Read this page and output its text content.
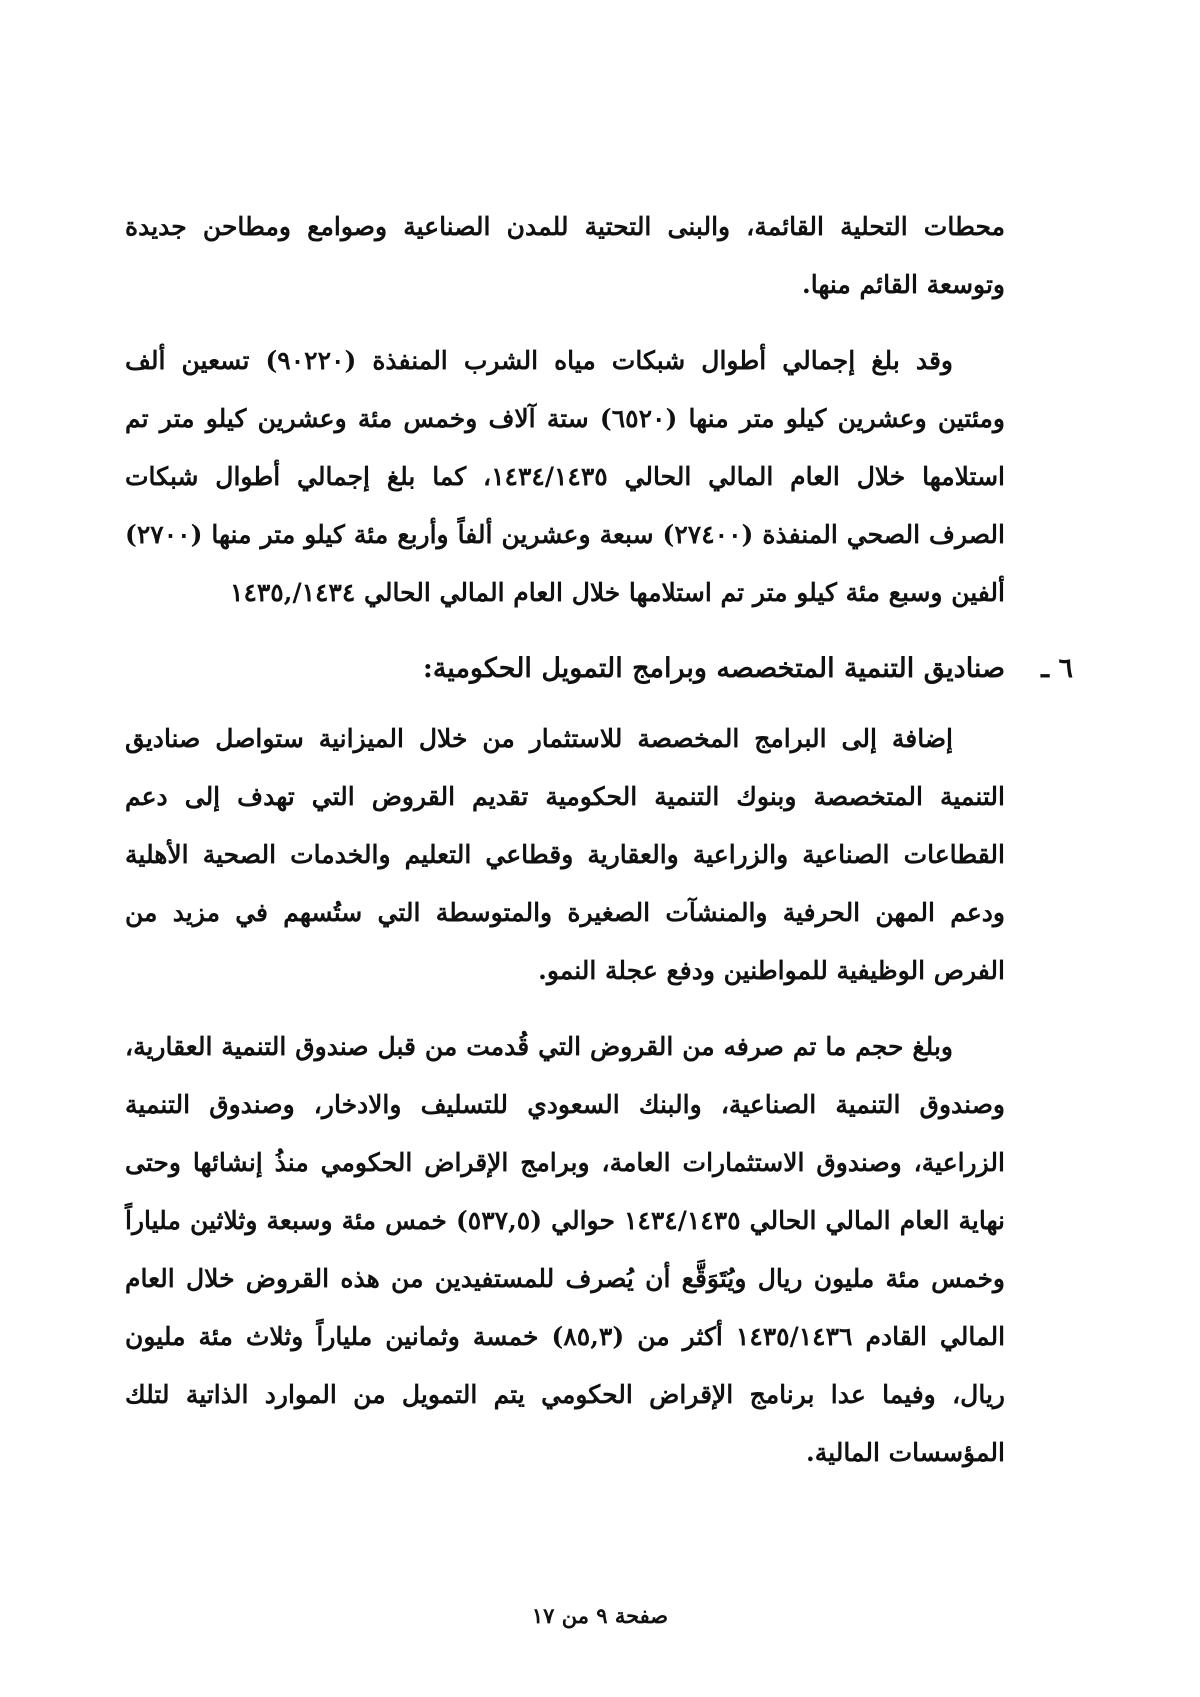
محطات التحلية القائمة، والبنى التحتية للمدن الصناعية وصوامع ومطاحن جديدة وتوسعة القائم منها.

وقد بلغ إجمالي أطوال شبكات مياه الشرب المنفذة (٩٠٢٢٠) تسعين ألف ومئتين وعشرين كيلو متر منها (٦٥٢٠) ستة آلاف وخمس مئة وعشرين كيلو متر تم استلامها خلال العام المالي الحالي ١٤٣٤/١٤٣٥، كما بلغ إجمالي أطوال شبكات الصرف الصحي المنفذة (٢٧٤٠٠) سبعة وعشرين ألفاً وأربع مئة كيلو متر منها (٢٧٠٠) ألفين وسبع مئة كيلو متر تم استلامها خلال العام المالي الحالي ١٤٣٤/,١٤٣٥

٦ ـ
صناديق التنمية المتخصصه وبرامج التمويل الحكومية:

إضافة إلى البرامج المخصصة للاستثمار من خلال الميزانية ستواصل صناديق التنمية المتخصصة وبنوك التنمية الحكومية تقديم القروض التي تهدف إلى دعم القطاعات الصناعية والزراعية والعقارية وقطاعي التعليم والخدمات الصحية الأهلية ودعم المهن الحرفية والمنشآت الصغيرة والمتوسطة التي ستُسهم في مزيد من الفرص الوظيفية للمواطنين ودفع عجلة النمو.

وبلغ حجم ما تم صرفه من القروض التي قُدمت من قبل صندوق التنمية العقارية، وصندوق التنمية الصناعية، والبنك السعودي للتسليف والادخار، وصندوق التنمية الزراعية، وصندوق الاستثمارات العامة، وبرامج الإقراض الحكومي منذُ إنشائها وحتى نهاية العام المالي الحالي ١٤٣٤/١٤٣٥ حوالي (٥٣٧,٥) خمس مئة وسبعة وثلاثين ملياراً وخمس مئة مليون ريال ويُتَوَقَّع أن يُصرف للمستفيدين من هذه القروض خلال العام المالي القادم ١٤٣٥/١٤٣٦ أكثر من (٨٥,٣) خمسة وثمانين ملياراً وثلاث مئة مليون ريال، وفيما عدا برنامج الإقراض الحكومي يتم التمويل من الموارد الذاتية لتلك المؤسسات المالية.

صفحة ٩ من ١٧
